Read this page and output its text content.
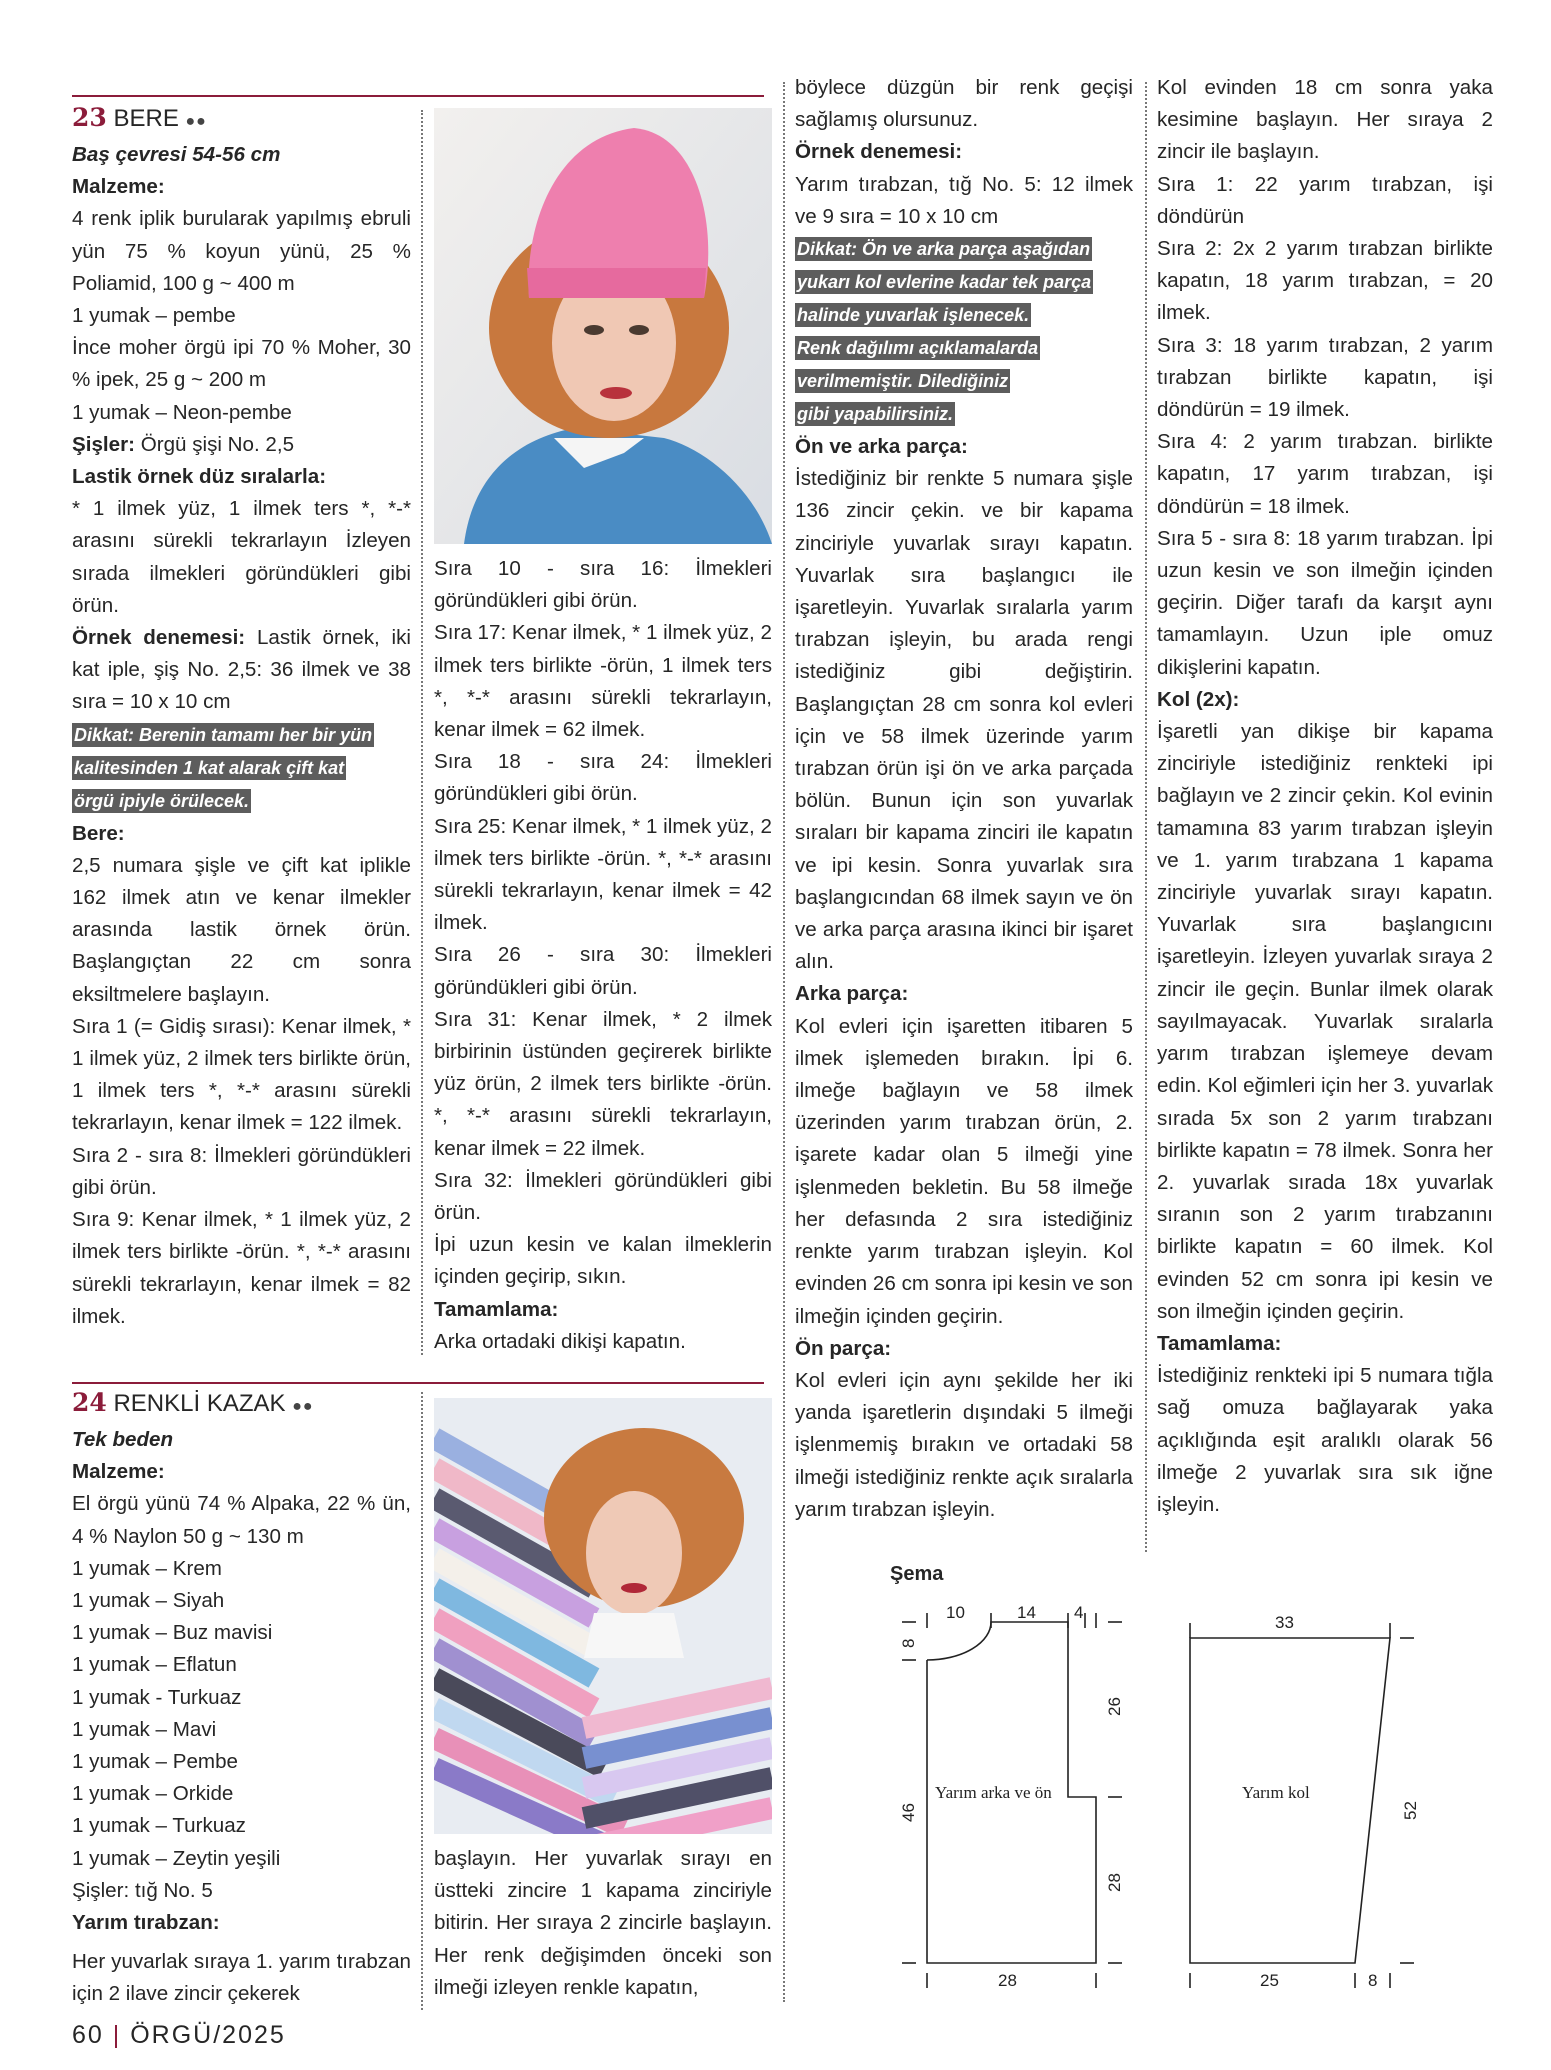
23 BERE ●●

Baş çevresi 54-56 cm

Malzeme:

4 renk iplik burularak yapılmış ebruli yün 75 % koyun yünü, 25 % Poliamid, 100 g ~ 400 m

1 yumak – pembe

İnce moher örgü ipi 70 % Moher, 30 % ipek, 25 g ~ 200 m

1 yumak – Neon-pembe

Şişler: Örgü şişi No. 2,5

Lastik örnek düz sıralarla:

* 1 ilmek yüz, 1 ilmek ters *, *-* arasını sürekli tekrarlayın İzleyen sırada ilmekleri göründükleri gibi örün.

Örnek denemesi: Lastik örnek, iki kat iple, şiş No. 2,5: 36 ilmek ve 38 sıra = 10 x 10 cm

Dikkat: Berenin tamamı her bir yün
kalitesinden 1 kat alarak çift kat
örgü ipiyle örülecek.

Bere:

2,5 numara şişle ve çift kat iplikle 162 ilmek atın ve kenar ilmekler arasında lastik örnek örün. Başlangıçtan 22 cm sonra eksiltmelere başlayın.

Sıra 1 (= Gidiş sırası): Kenar ilmek, * 1 ilmek yüz, 2 ilmek ters birlikte örün, 1 ilmek ters *, *-* arasını sürekli tekrarlayın, kenar ilmek = 122 ilmek.

Sıra 2 - sıra 8: İlmekleri göründükleri gibi örün.

Sıra 9: Kenar ilmek, * 1 ilmek yüz, 2 ilmek ters birlikte -örün. *, *-* arasını sürekli tekrarlayın, kenar ilmek = 82 ilmek.

Sıra 10 - sıra 16: İlmekleri göründükleri gibi örün.

Sıra 17: Kenar ilmek, * 1 ilmek yüz, 2 ilmek ters birlikte -örün, 1 ilmek ters *, *-* arasını sürekli tekrarlayın, kenar ilmek = 62 ilmek.

Sıra 18 - sıra 24: İlmekleri göründükleri gibi örün.

Sıra 25: Kenar ilmek, * 1 ilmek yüz, 2 ilmek ters birlikte -örün. *, *-* arasını sürekli tekrarlayın, kenar ilmek = 42 ilmek.

Sıra 26 - sıra 30: İlmekleri göründükleri gibi örün.

Sıra 31: Kenar ilmek, * 2 ilmek birbirinin üstünden geçirerek birlikte yüz örün, 2 ilmek ters birlikte -örün. *, *-* arasını sürekli tekrarlayın, kenar ilmek = 22 ilmek.

Sıra 32: İlmekleri göründükleri gibi örün.

İpi uzun kesin ve kalan ilmeklerin içinden geçirip, sıkın.

Tamamlama:

Arka ortadaki dikişi kapatın.

24 RENKLİ KAZAK ●●

Tek beden

Malzeme:

El örgü yünü 74 % Alpaka, 22 % ün, 4 % Naylon 50 g ~ 130 m

1 yumak – Krem

1 yumak – Siyah

1 yumak – Buz mavisi

1 yumak – Eflatun

1 yumak - Turkuaz

1 yumak – Mavi

1 yumak – Pembe

1 yumak – Orkide

1 yumak – Turkuaz

1 yumak – Zeytin yeşili

Şişler: tığ No. 5

Yarım tırabzan:

Her yuvarlak sıraya 1. yarım tırabzan için 2 ilave zincir çekerek

başlayın. Her yuvarlak sırayı en üstteki zincire 1 kapama zinciriyle bitirin. Her sıraya 2 zincirle başlayın. Her renk değişimden önceki son ilmeği izleyen renkle kapatın,

böylece düzgün bir renk geçişi sağlamış olursunuz.

Örnek denemesi:

Yarım tırabzan, tığ No. 5: 12 ilmek ve 9 sıra = 10 x 10 cm

Dikkat: Ön ve arka parça aşağıdan
yukarı kol evlerine kadar tek parça
halinde yuvarlak işlenecek.
Renk dağılımı açıklamalarda
verilmemiştir. Dilediğiniz
gibi yapabilirsiniz.

Ön ve arka parça:

İstediğiniz bir renkte 5 numara şişle 136 zincir çekin. ve bir kapama zinciriyle yuvarlak sırayı kapatın. Yuvarlak sıra başlangıcı ile işaretleyin. Yuvarlak sıralarla yarım tırabzan işleyin, bu arada rengi istediğiniz gibi değiştirin. Başlangıçtan 28 cm sonra kol evleri için ve 58 ilmek üzerinde yarım tırabzan örün işi ön ve arka parçada bölün. Bunun için son yuvarlak sıraları bir kapama zinciri ile kapatın ve ipi kesin. Sonra yuvarlak sıra başlangıcından 68 ilmek sayın ve ön ve arka parça arasına ikinci bir işaret alın.

Arka parça:

Kol evleri için işaretten itibaren 5 ilmek işlemeden bırakın. İpi 6. ilmeğe bağlayın ve 58 ilmek üzerinden yarım tırabzan örün, 2. işarete kadar olan 5 ilmeği yine işlenmeden bekletin. Bu 58 ilmeğe her defasında 2 sıra istediğiniz renkte yarım tırabzan işleyin. Kol evinden 26 cm sonra ipi kesin ve son ilmeğin içinden geçirin.

Ön parça:

Kol evleri için aynı şekilde her iki yanda işaretlerin dışındaki 5 ilmeği işlenmemiş bırakın ve ortadaki 58 ilmeği istediğiniz renkte açık sıralarla yarım tırabzan işleyin.

Kol evinden 18 cm sonra yaka kesimine başlayın. Her sıraya 2 zincir ile başlayın.

Sıra 1: 22 yarım tırabzan, işi döndürün

Sıra 2: 2x 2 yarım tırabzan birlikte kapatın, 18 yarım tırabzan, = 20 ilmek.

Sıra 3: 18 yarım tırabzan, 2 yarım tırabzan birlikte kapatın, işi döndürün = 19 ilmek.

Sıra 4: 2 yarım tırabzan. birlikte kapatın, 17 yarım tırabzan, işi döndürün = 18 ilmek.

Sıra 5 - sıra 8: 18 yarım tırabzan. İpi uzun kesin ve son ilmeğin içinden geçirin. Diğer tarafı da karşıt aynı tamamlayın. Uzun iple omuz dikişlerini kapatın.

Kol (2x):

İşaretli yan dikişe bir kapama zinciriyle istediğiniz renkteki ipi bağlayın ve 2 zincir çekin. Kol evinin tamamına 83 yarım tırabzan işleyin ve 1. yarım tırabzana 1 kapama zinciriyle yuvarlak sırayı kapatın. Yuvarlak sıra başlangıcını işaretleyin. İzleyen yuvarlak sıraya 2 zincir ile geçin. Bunlar ilmek olarak sayılmayacak. Yuvarlak sıralarla yarım tırabzan işlemeye devam edin. Kol eğimleri için her 3. yuvarlak sırada 5x son 2 yarım tırabzanı birlikte kapatın = 78 ilmek. Sonra her 2. yuvarlak sırada 18x yuvarlak sıranın son 2 yarım tırabzanını birlikte kapatın = 60 ilmek. Kol evinden 52 cm sonra ipi kesin ve son ilmeğin içinden geçirin.

Tamamlama:

İstediğiniz renkteki ipi 5 numara tığla sağ omuza bağlayarak yaka açıklığında eşit aralıklı olarak 56 ilmeğe 2 yuvarlak sıra sık iğne işleyin.

Şema
10	14 4
8
46
26
28
28
Yarım arka ve ön
33
52
25	8
Yarım kol
60 | ÖRGÜ/2025
